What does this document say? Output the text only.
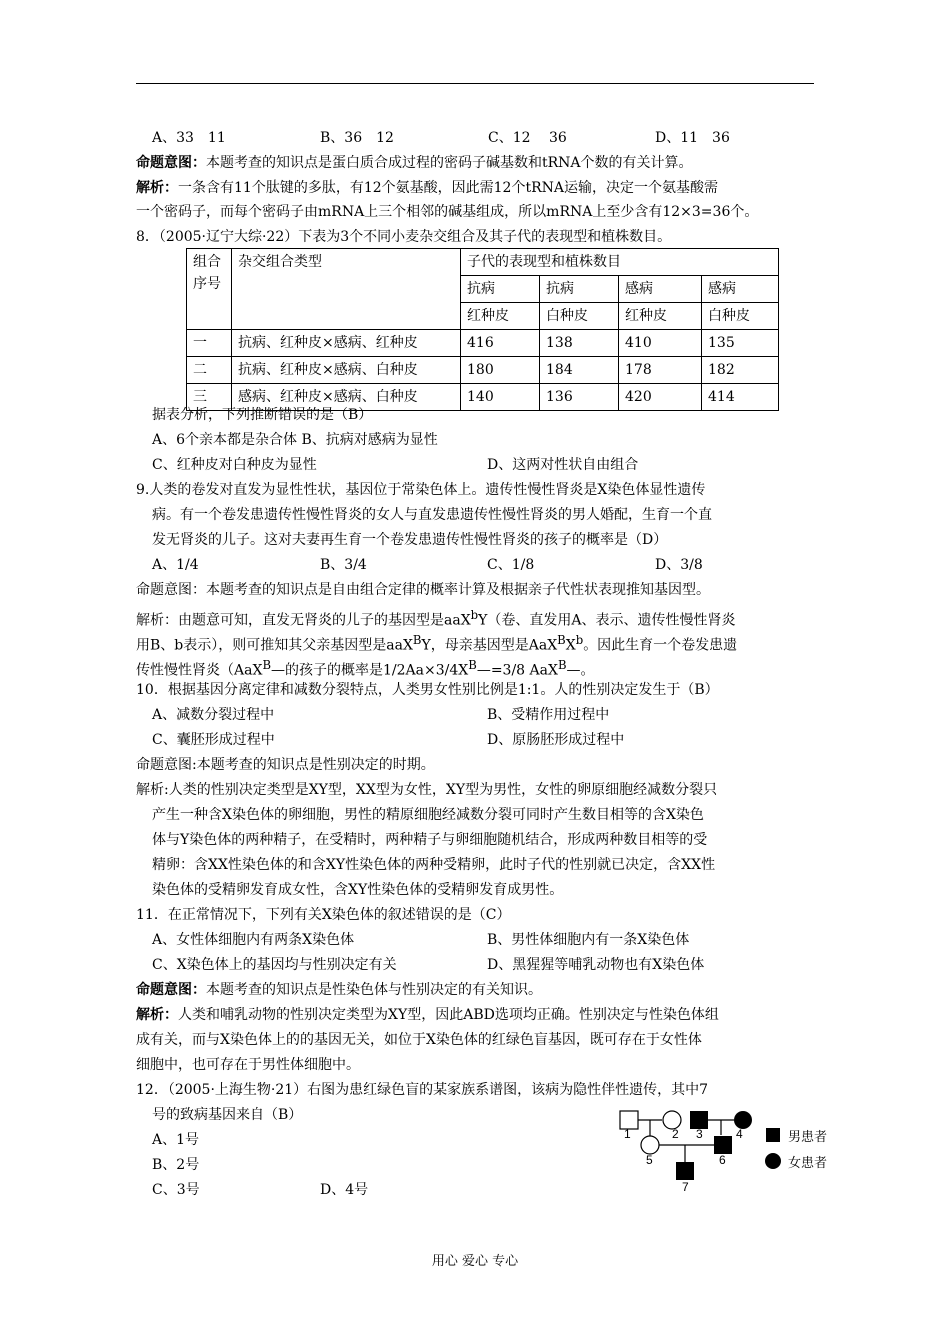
A、33　11	B、36　12	C、12　 36	D、11　36
命题意图：本题考查的知识点是蛋白质合成过程的密码子碱基数和tRNA个数的有关计算。
解析：一条含有11个肽键的多肽，有12个氨基酸，因此需12个tRNA运输，决定一个氨基酸需
一个密码子，而每个密码子由mRNA上三个相邻的碱基组成，所以mRNA上至少含有12×3=36个。
8．（2005·辽宁大综·22）下表为3个不同小麦杂交组合及其子代的表现型和植株数目。
组合
序号	杂交组合类型	子代的表现型和植株数目			
		抗病	抗病	感病	感病
		红种皮	白种皮	红种皮	白种皮
一	抗病、红种皮×感病、红种皮	416	138	410	135
二	抗病、红种皮×感病、白种皮	180	184	178	182
三	感病、红种皮×感病、白种皮	140	136	420	414
据表分析，下列推断错误的是（B）
A、6个亲本都是杂合体 B、抗病对感病为显性
C、红种皮对白种皮为显性	D、这两对性状自由组合
9.人类的卷发对直发为显性性状，基因位于常染色体上。遗传性慢性肾炎是X染色体显性遗传
病。有一个卷发患遗传性慢性肾炎的女人与直发患遗传性慢性肾炎的男人婚配，生育一个直
发无肾炎的儿子。这对夫妻再生育一个卷发患遗传性慢性肾炎的孩子的概率是（D）
A、1/4	B、3/4	C、1/8	D、3/8
命题意图：本题考查的知识点是自由组合定律的概率计算及根据亲子代性状表现推知基因型。
解析：由题意可知，直发无肾炎的儿子的基因型是aaX$^b$Y（卷、直发用A、表示、遗传性慢性肾炎
用B、b表示），则可推知其父亲基因型是aaX$^B$Y，母亲基因型是$AaX^BX^b$。因此生育一个卷发患遗
传性慢性肾炎（AaX$^B$—的孩子的概率是$1/2Aa\times 3/4X^B—=3/8$ AaX$^B$—。
10．根据基因分离定律和减数分裂特点，人类男女性别比例是1:1。人的性别决定发生于（B）
A、减数分裂过程中	B、受精作用过程中
C、囊胚形成过程中	D、原肠胚形成过程中
命题意图:本题考查的知识点是性别决定的时期。
解析:人类的性别决定类型是XY型，XX型为女性，XY型为男性，女性的卵原细胞经减数分裂只
产生一种含X染色体的卵细胞，男性的精原细胞经减数分裂可同时产生数目相等的含X染色
体与Y染色体的两种精子，在受精时，两种精子与卵细胞随机结合，形成两种数目相等的受
精卵：含XX性染色体的和含XY性染色体的两种受精卵，此时子代的性别就已决定，含XX性
染色体的受精卵发育成女性，含XY性染色体的受精卵发育成男性。
11．在正常情况下，下列有关X染色体的叙述错误的是（C）
A、女性体细胞内有两条X染色体	B、男性体细胞内有一条X染色体
C、X染色体上的基因均与性别决定有关	D、黑猩猩等哺乳动物也有X染色体
命题意图：本题考查的知识点是性染色体与性别决定的有关知识。
解析：人类和哺乳动物的性别决定类型为XY型，因此ABD选项均正确。性别决定与性染色体组
成有关，而与X染色体上的的基因无关，如位于X染色体的红绿色盲基因，既可存在于女性体
细胞中，也可存在于男性体细胞中。
12．（2005·上海生物·21）右图为患红绿色盲的某家族系谱图，该病为隐性伴性遗传，其中7
号的致病基因来自（B）
A、1号
B、2号
C、3号	D、4号
1	2 3	4
5	6
7
男患者
女患者
用心 爱心 专心
